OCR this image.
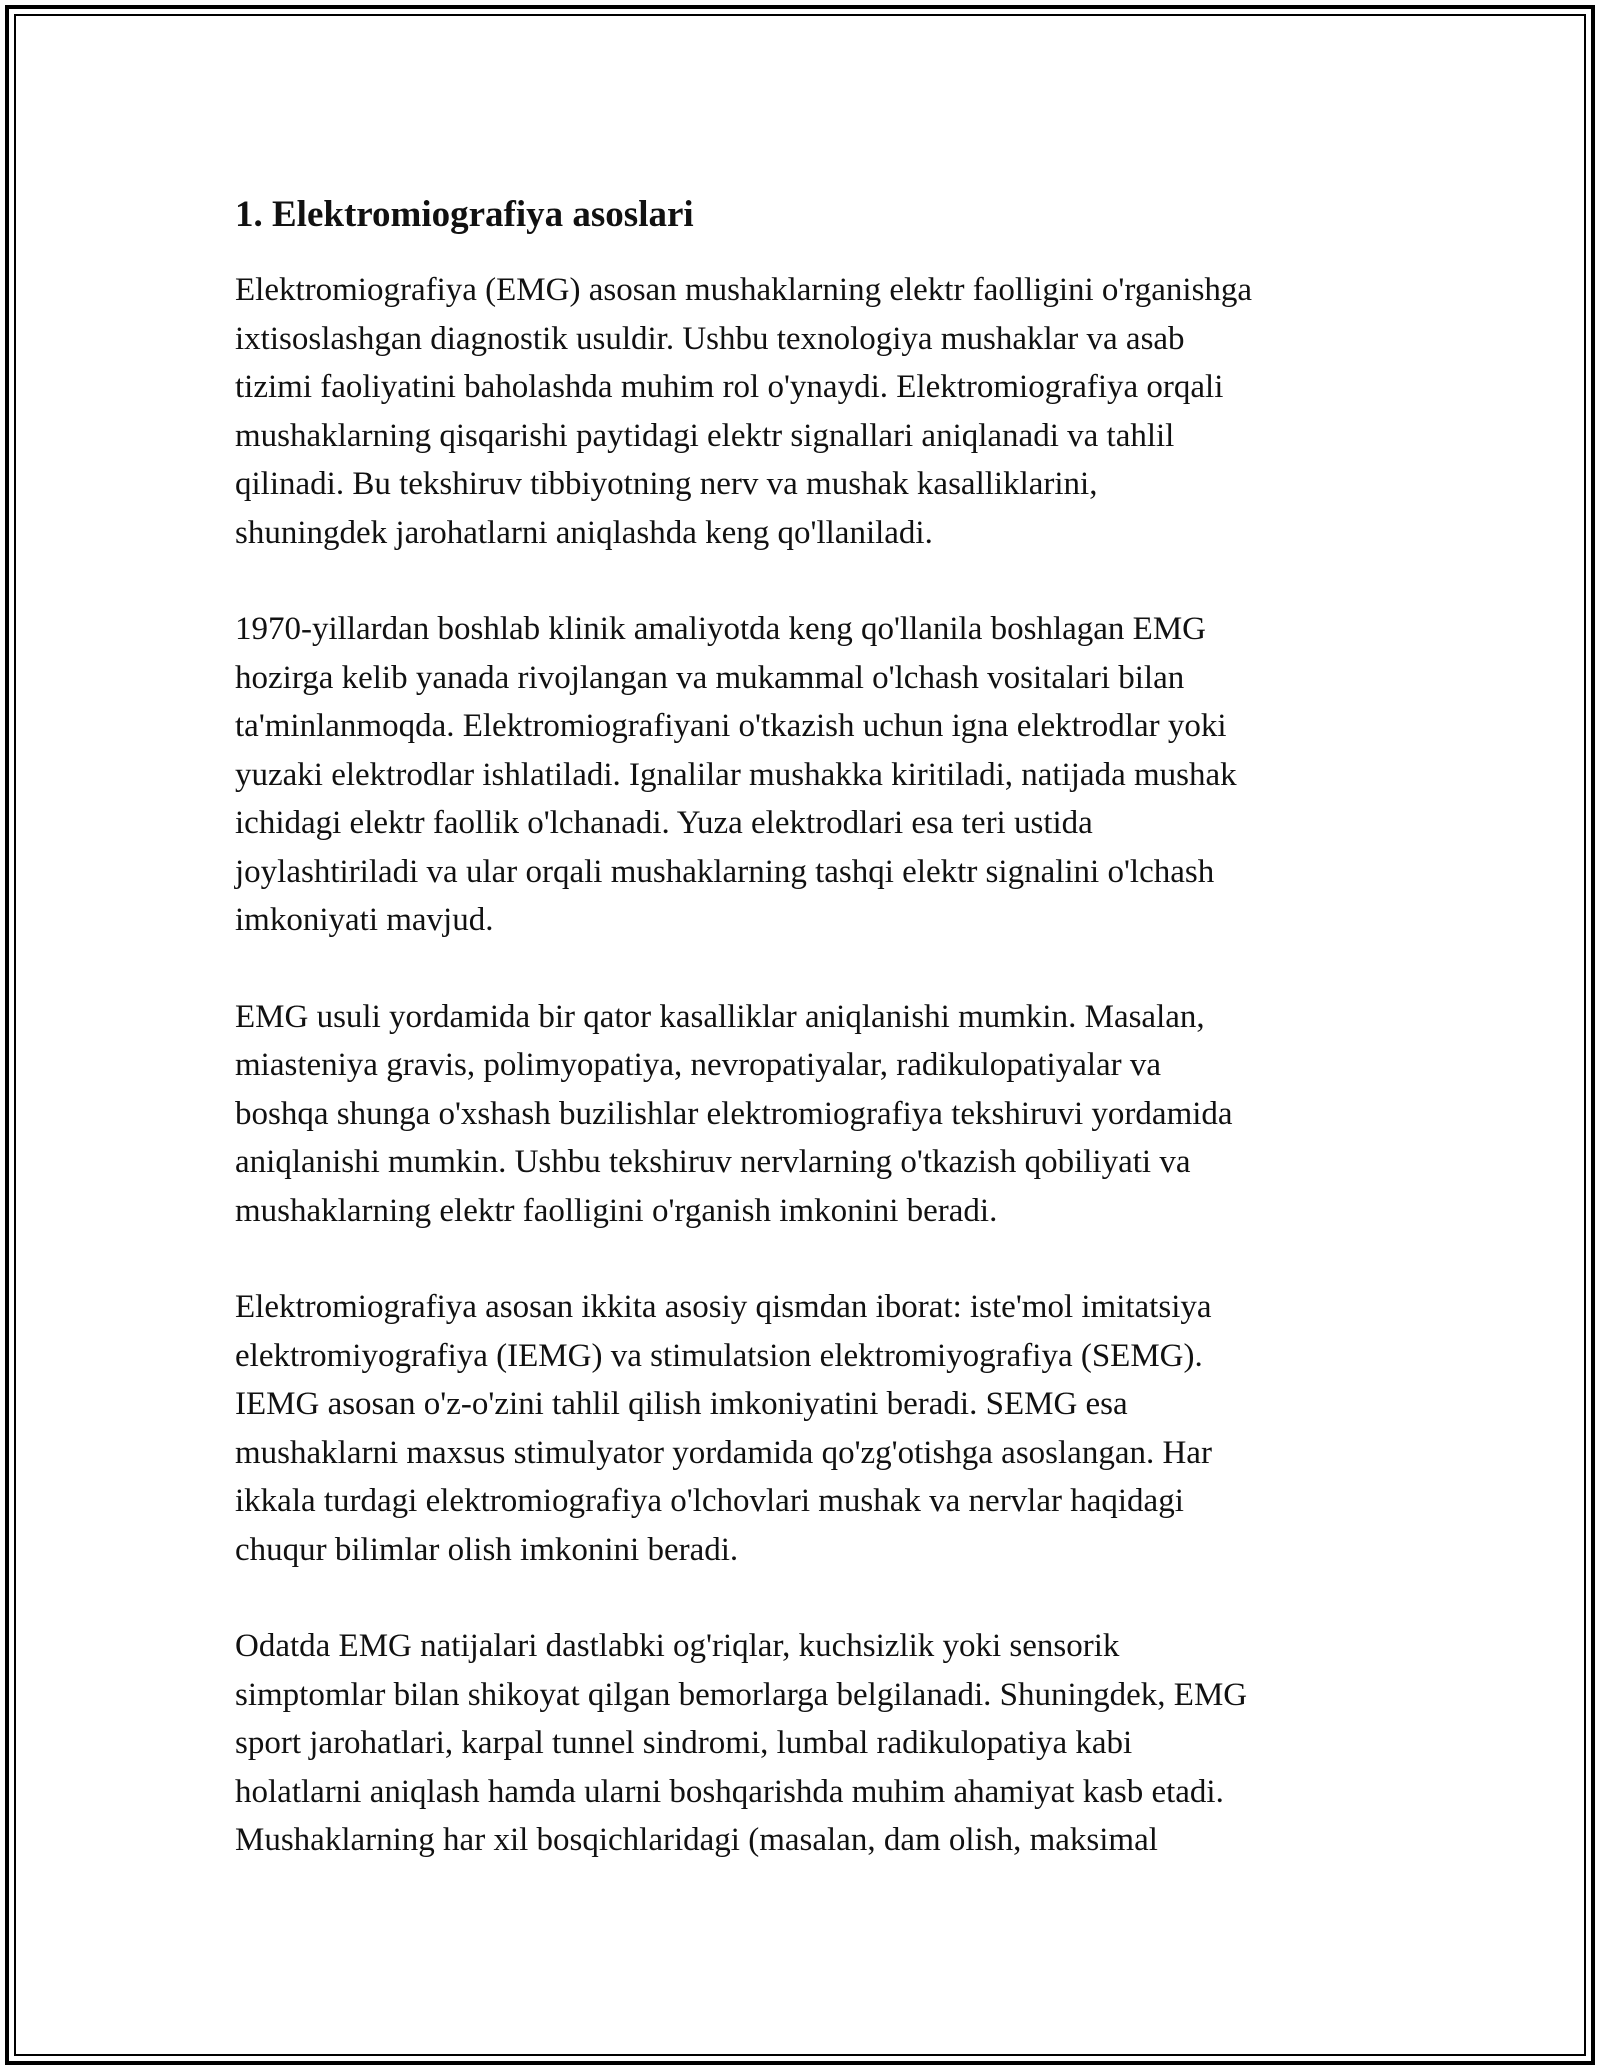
1. Elektromiografiya asoslari

Elektromiografiya (EMG) asosan mushaklarning elektr faolligini o'rganishga
ixtisoslashgan diagnostik usuldir. Ushbu texnologiya mushaklar va asab
tizimi faoliyatini baholashda muhim rol o'ynaydi. Elektromiografiya orqali
mushaklarning qisqarishi paytidagi elektr signallari aniqlanadi va tahlil
qilinadi. Bu tekshiruv tibbiyotning nerv va mushak kasalliklarini,
shuningdek jarohatlarni aniqlashda keng qo'llaniladi.

1970-yillardan boshlab klinik amaliyotda keng qo'llanila boshlagan EMG
hozirga kelib yanada rivojlangan va mukammal o'lchash vositalari bilan
ta'minlanmoqda. Elektromiografiyani o'tkazish uchun igna elektrodlar yoki
yuzaki elektrodlar ishlatiladi. Ignalilar mushakka kiritiladi, natijada mushak
ichidagi elektr faollik o'lchanadi. Yuza elektrodlari esa teri ustida
joylashtiriladi va ular orqali mushaklarning tashqi elektr signalini o'lchash
imkoniyati mavjud.

EMG usuli yordamida bir qator kasalliklar aniqlanishi mumkin. Masalan,
miasteniya gravis, polimyopatiya, nevropatiyalar, radikulopatiyalar va
boshqa shunga o'xshash buzilishlar elektromiografiya tekshiruvi yordamida
aniqlanishi mumkin. Ushbu tekshiruv nervlarning o'tkazish qobiliyati va
mushaklarning elektr faolligini o'rganish imkonini beradi.

Elektromiografiya asosan ikkita asosiy qismdan iborat: iste'mol imitatsiya
elektromiyografiya (IEMG) va stimulatsion elektromiyografiya (SEMG).
IEMG asosan o'z-o'zini tahlil qilish imkoniyatini beradi. SEMG esa
mushaklarni maxsus stimulyator yordamida qo'zg'otishga asoslangan. Har
ikkala turdagi elektromiografiya o'lchovlari mushak va nervlar haqidagi
chuqur bilimlar olish imkonini beradi.

Odatda EMG natijalari dastlabki og'riqlar, kuchsizlik yoki sensorik
simptomlar bilan shikoyat qilgan bemorlarga belgilanadi. Shuningdek, EMG
sport jarohatlari, karpal tunnel sindromi, lumbal radikulopatiya kabi
holatlarni aniqlash hamda ularni boshqarishda muhim ahamiyat kasb etadi.
Mushaklarning har xil bosqichlaridagi (masalan, dam olish, maksimal
